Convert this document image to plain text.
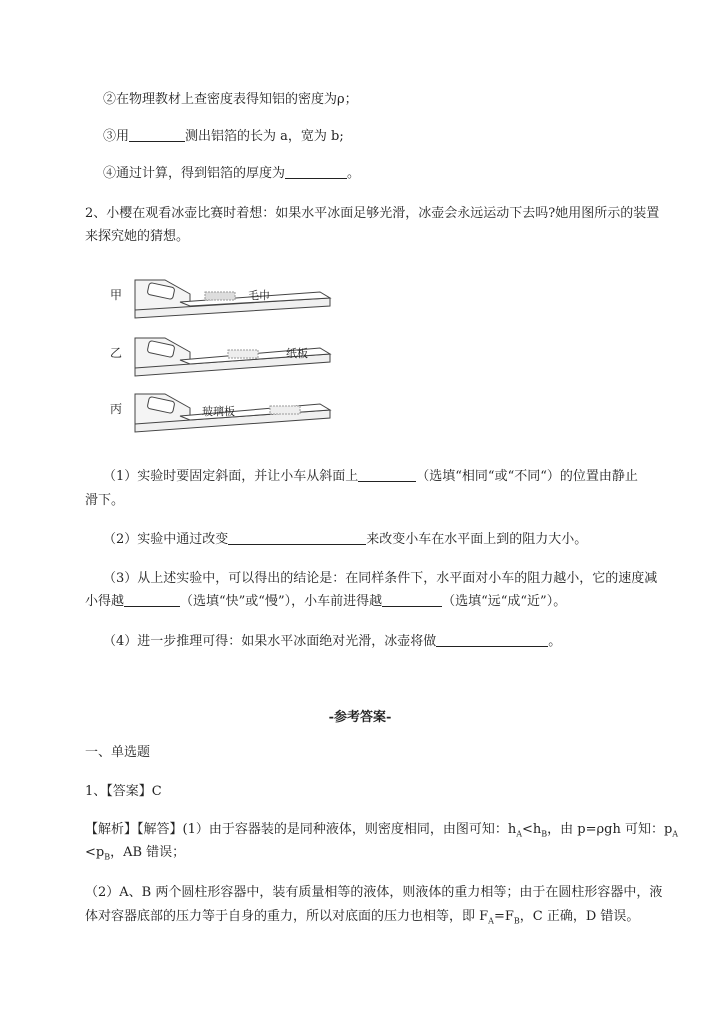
②在物理教材上查密度表得知铝的密度为ρ；
③用	测出铝箔的长为 a，宽为 b;
④通过计算，得到铝箔的厚度为	。
2、小樱在观看冰壶比赛时着想：如果水平冰面足够光滑，冰壶会永远运动下去吗?她用图所示的装置
来探究她的猜想。
甲
乙
丙
毛巾
纸板
玻璃板
（1）实验时要固定斜面，并让小车从斜面上	（选填“相同“或“不同“）的位置由静止
滑下。
（2）实验中通过改变	来改变小车在水平面上到的阻力大小。
（3）从上述实验中，可以得出的结论是：在同样条件下，水平面对小车的阻力越小，它的速度减
小得越	（选填“快”或“慢”），小车前进得越	（选填“远“成“近”）。
（4）进一步推理可得：如果水平冰面绝对光滑，冰壶将做	。
-参考答案-
一、单选题
1、【答案】C
【解析】【解答】(1）由于容器装的是同种液体，则密度相同，由图可知：$h_A<h_B$，由 p=ρgh 可知：$p_A$
$<p_B$，AB 错误；
（2）A、B 两个圆柱形容器中，装有质量相等的液体，则液体的重力相等；由于在圆柱形容器中，液
体对容器底部的压力等于自身的重力，所以对底面的压力也相等，即 $F_A=F_B$，C 正确，D 错误。
